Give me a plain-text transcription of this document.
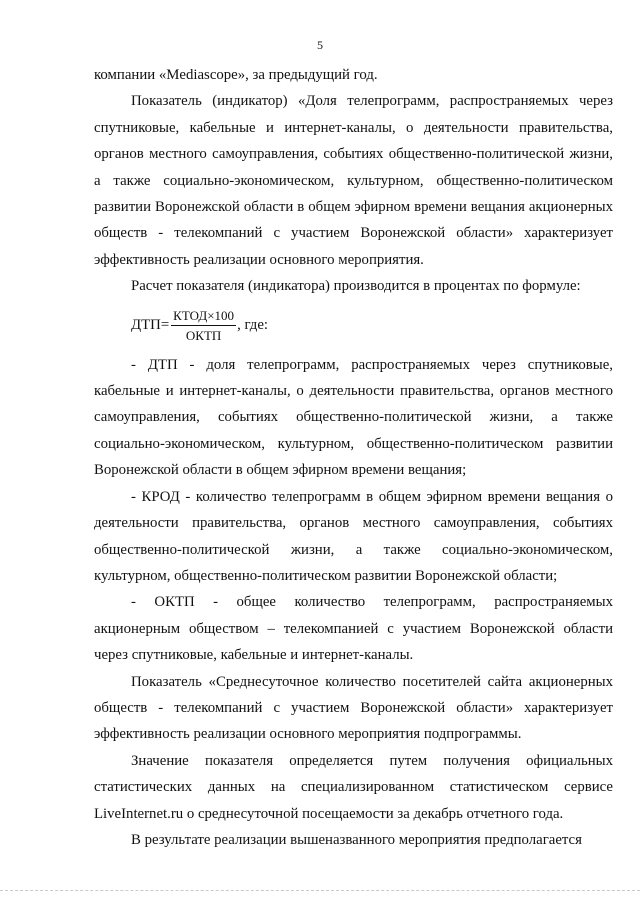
5

компании «Mediascope», за предыдущий год.

Показатель (индикатор) «Доля телепрограмм, распространяемых через спутниковые, кабельные и интернет-каналы, о деятельности правительства, органов местного самоуправления, событиях общественно-политической жизни, а также социально-экономическом, культурном, общественно-политическом развитии Воронежской области в общем эфирном времени вещания акционерных обществ - телекомпаний с участием Воронежской области» характеризует эффективность реализации основного мероприятия.

Расчет показателя (индикатора) производится в процентах по формуле:

$ДТП= \frac{\text{КТОД×100}}{\text{ОКТП}}$ , где:

- ДТП - доля телепрограмм, распространяемых через спутниковые, кабельные и интернет-каналы, о деятельности правительства, органов местного самоуправления, событиях общественно-политической жизни, а также социально-экономическом, культурном, общественно-политическом развитии Воронежской области в общем эфирном времени вещания;

- КРОД - количество телепрограмм в общем эфирном времени вещания о деятельности правительства, органов местного самоуправления, событиях общественно-политической жизни, а также социально-экономическом, культурном, общественно-политическом развитии Воронежской области;

- ОКТП - общее количество телепрограмм, распространяемых акционерным обществом – телекомпанией с участием Воронежской области через спутниковые, кабельные и интернет-каналы.

Показатель «Среднесуточное количество посетителей сайта акционерных обществ - телекомпаний с участием Воронежской области» характеризует эффективность реализации основного мероприятия подпрограммы.

Значение показателя определяется путем получения официальных статистических данных на специализированном статистическом сервисе LiveInternet.ru о среднесуточной посещаемости за декабрь отчетного года.

В результате реализации вышеназванного мероприятия предполагается
